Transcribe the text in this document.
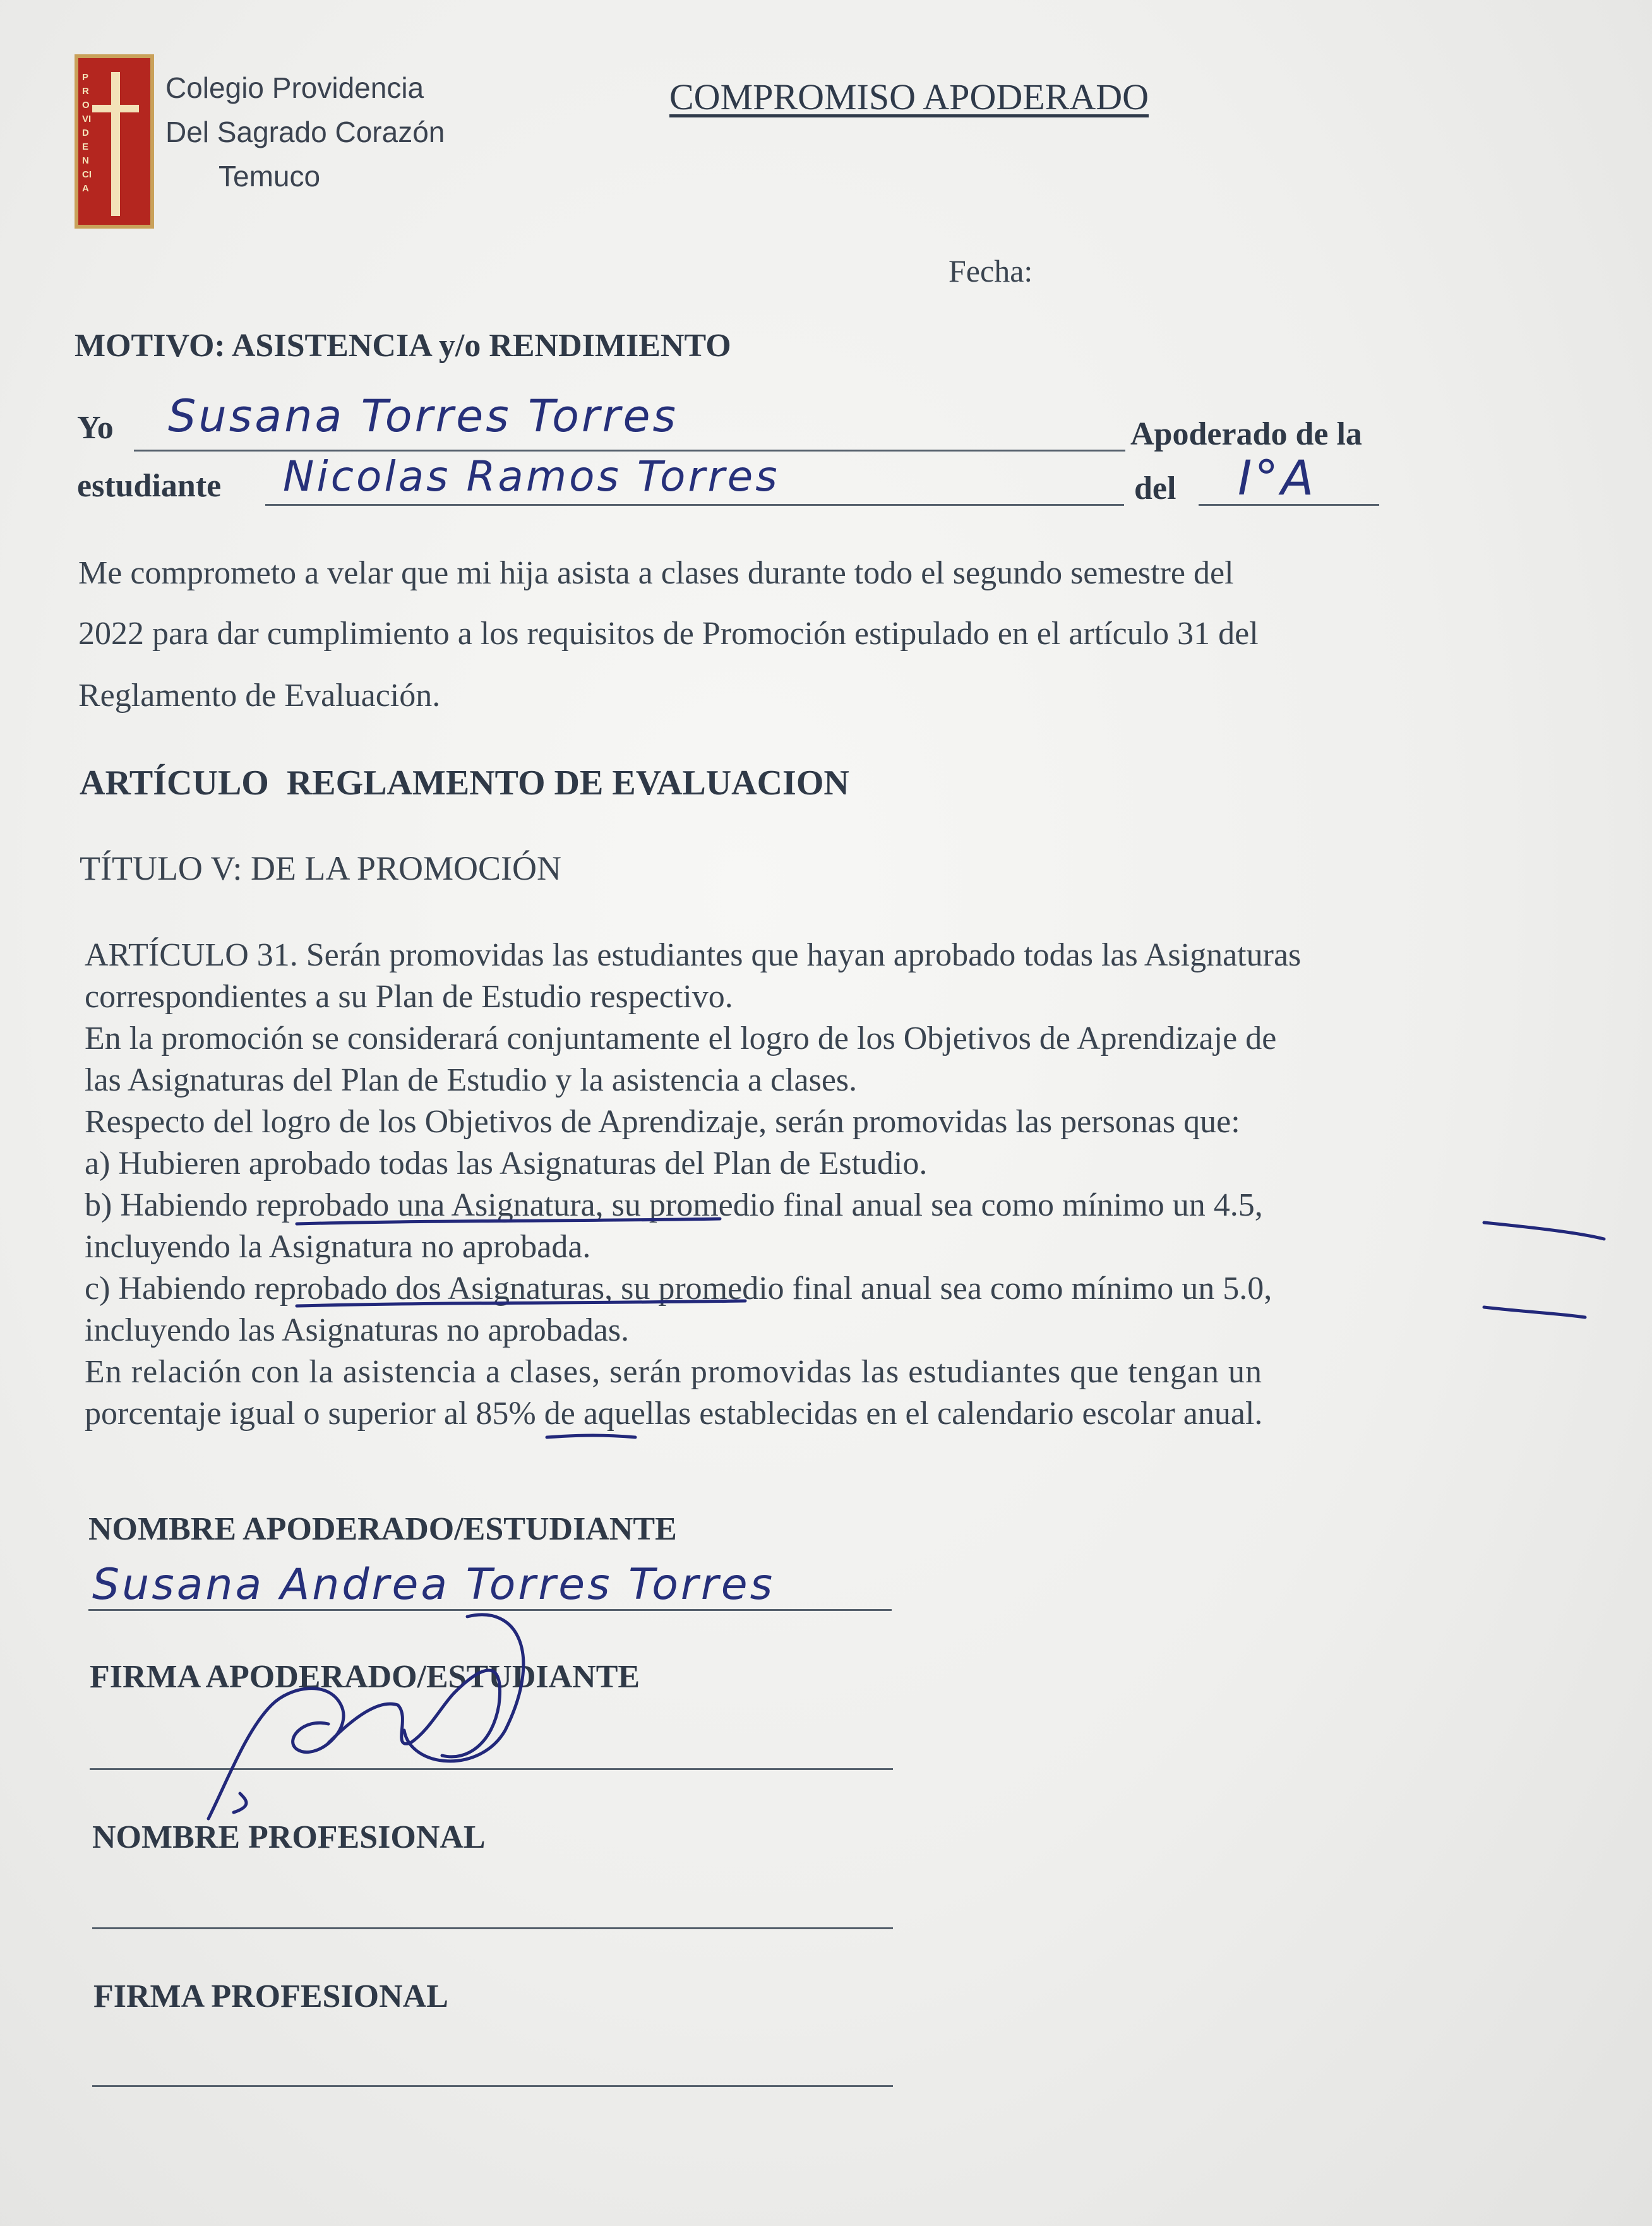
PROVIDENCIA
Colegio Providencia
Del Sagrado Corazón
Temuco
COMPROMISO APODERADO
Fecha:
MOTIVO: ASISTENCIA y/o RENDIMIENTO
Yo Susana Torres Torres	Apoderado de la
estudiante Nicolas Ramos Torres	del I°A
Me comprometo a velar que mi hija asista a clases durante todo el segundo semestre del
2022 para dar cumplimiento a los requisitos de Promoción estipulado en el artículo 31 del
Reglamento de Evaluación.
ARTÍCULO  REGLAMENTO DE EVALUACION
TÍTULO V: DE LA PROMOCIÓN

ARTÍCULO 31. Serán promovidas las estudiantes que hayan aprobado todas las Asignaturas

correspondientes a su Plan de Estudio respectivo.

En la promoción se considerará conjuntamente el logro de los Objetivos de Aprendizaje de

las Asignaturas del Plan de Estudio y la asistencia a clases.

Respecto del logro de los Objetivos de Aprendizaje, serán promovidas las personas que:

a) Hubieren aprobado todas las Asignaturas del Plan de Estudio.

b) Habiendo reprobado una Asignatura, su promedio final anual sea como mínimo un 4.5,

incluyendo la Asignatura no aprobada.

c) Habiendo reprobado dos Asignaturas, su promedio final anual sea como mínimo un 5.0,

incluyendo las Asignaturas no aprobadas.

En relación con la asistencia a clases, serán promovidas las estudiantes que tengan un

porcentaje igual o superior al 85% de aquellas establecidas en el calendario escolar anual.

NOMBRE APODERADO/ESTUDIANTE
Susana Andrea Torres Torres
FIRMA APODERADO/ESTUDIANTE
NOMBRE PROFESIONAL
FIRMA PROFESIONAL
